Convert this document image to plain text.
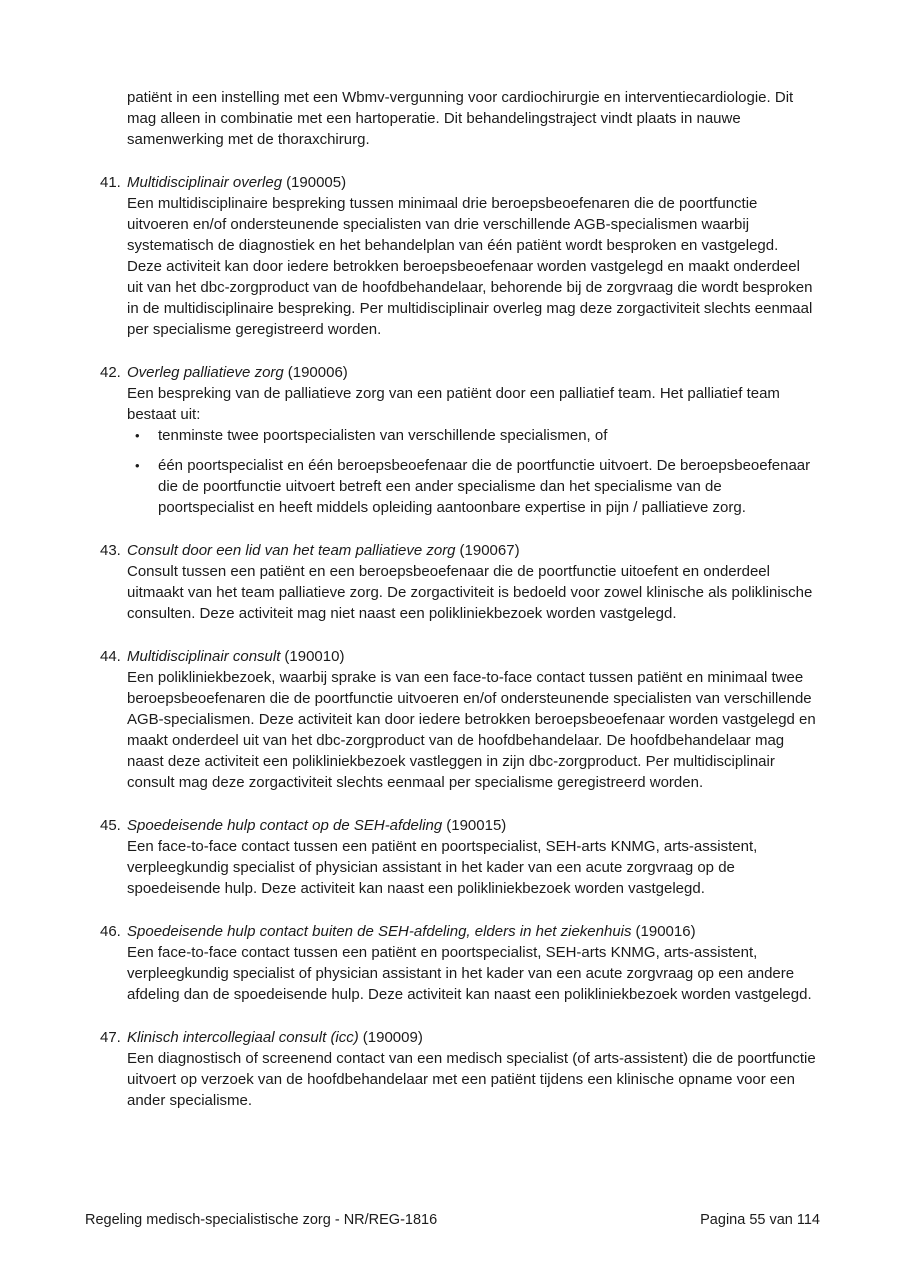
patiënt in een instelling met een Wbmv-vergunning voor cardiochirurgie en interventiecardiologie. Dit mag alleen in combinatie met een hartoperatie. Dit behandelingstraject vindt plaats in nauwe samenwerking met de thoraxchirurg.

41. Multidisciplinair overleg (190005)

Een multidisciplinaire bespreking tussen minimaal drie beroepsbeoefenaren die de poortfunctie uitvoeren en/of ondersteunende specialisten van drie verschillende AGB-specialismen waarbij systematisch de diagnostiek en het behandelplan van één patiënt wordt besproken en vastgelegd. Deze activiteit kan door iedere betrokken beroepsbeoefenaar worden vastgelegd en maakt onderdeel uit van het dbc-zorgproduct van de hoofdbehandelaar, behorende bij de zorgvraag die wordt besproken in de multidisciplinaire bespreking. Per multidisciplinair overleg mag deze zorgactiviteit slechts eenmaal per specialisme geregistreerd worden.

42. Overleg palliatieve zorg (190006)

Een bespreking van de palliatieve zorg van een patiënt door een palliatief team. Het palliatief team bestaat uit:

• tenminste twee poortspecialisten van verschillende specialismen, of
• één poortspecialist en één beroepsbeoefenaar die de poortfunctie uitvoert. De beroepsbeoefenaar die de poortfunctie uitvoert betreft een ander specialisme dan het specialisme van de poortspecialist en heeft middels opleiding aantoonbare expertise in pijn / palliatieve zorg.
43. Consult door een lid van het team palliatieve zorg (190067)

Consult tussen een patiënt en een beroepsbeoefenaar die de poortfunctie uitoefent en onderdeel uitmaakt van het team palliatieve zorg. De zorgactiviteit is bedoeld voor zowel klinische als poliklinische consulten. Deze activiteit mag niet naast een polikliniekbezoek worden vastgelegd.

44. Multidisciplinair consult (190010)

Een polikliniekbezoek, waarbij sprake is van een face-to-face contact tussen patiënt en minimaal twee beroepsbeoefenaren die de poortfunctie uitvoeren en/of ondersteunende specialisten van verschillende AGB-specialismen. Deze activiteit kan door iedere betrokken beroepsbeoefenaar worden vastgelegd en maakt onderdeel uit van het dbc-zorgproduct van de hoofdbehandelaar. De hoofdbehandelaar mag naast deze activiteit een polikliniekbezoek vastleggen in zijn dbc-zorgproduct. Per multidisciplinair consult mag deze zorgactiviteit slechts eenmaal per specialisme geregistreerd worden.

45. Spoedeisende hulp contact op de SEH-afdeling (190015)

Een face-to-face contact tussen een patiënt en poortspecialist, SEH-arts KNMG, arts-assistent, verpleegkundig specialist of physician assistant in het kader van een acute zorgvraag op de spoedeisende hulp. Deze activiteit kan naast een polikliniekbezoek worden vastgelegd.

46. Spoedeisende hulp contact buiten de SEH-afdeling, elders in het ziekenhuis (190016)

Een face-to-face contact tussen een patiënt en poortspecialist, SEH-arts KNMG, arts-assistent, verpleegkundig specialist of physician assistant in het kader van een acute zorgvraag op een andere afdeling dan de spoedeisende hulp. Deze activiteit kan naast een polikliniekbezoek worden vastgelegd.

47. Klinisch intercollegiaal consult (icc) (190009)

Een diagnostisch of screenend contact van een medisch specialist (of arts-assistent) die de poortfunctie uitvoert op verzoek van de hoofdbehandelaar met een patiënt tijdens een klinische opname voor een ander specialisme.

Regeling medisch-specialistische zorg - NR/REG-1816	Pagina 55 van 114
